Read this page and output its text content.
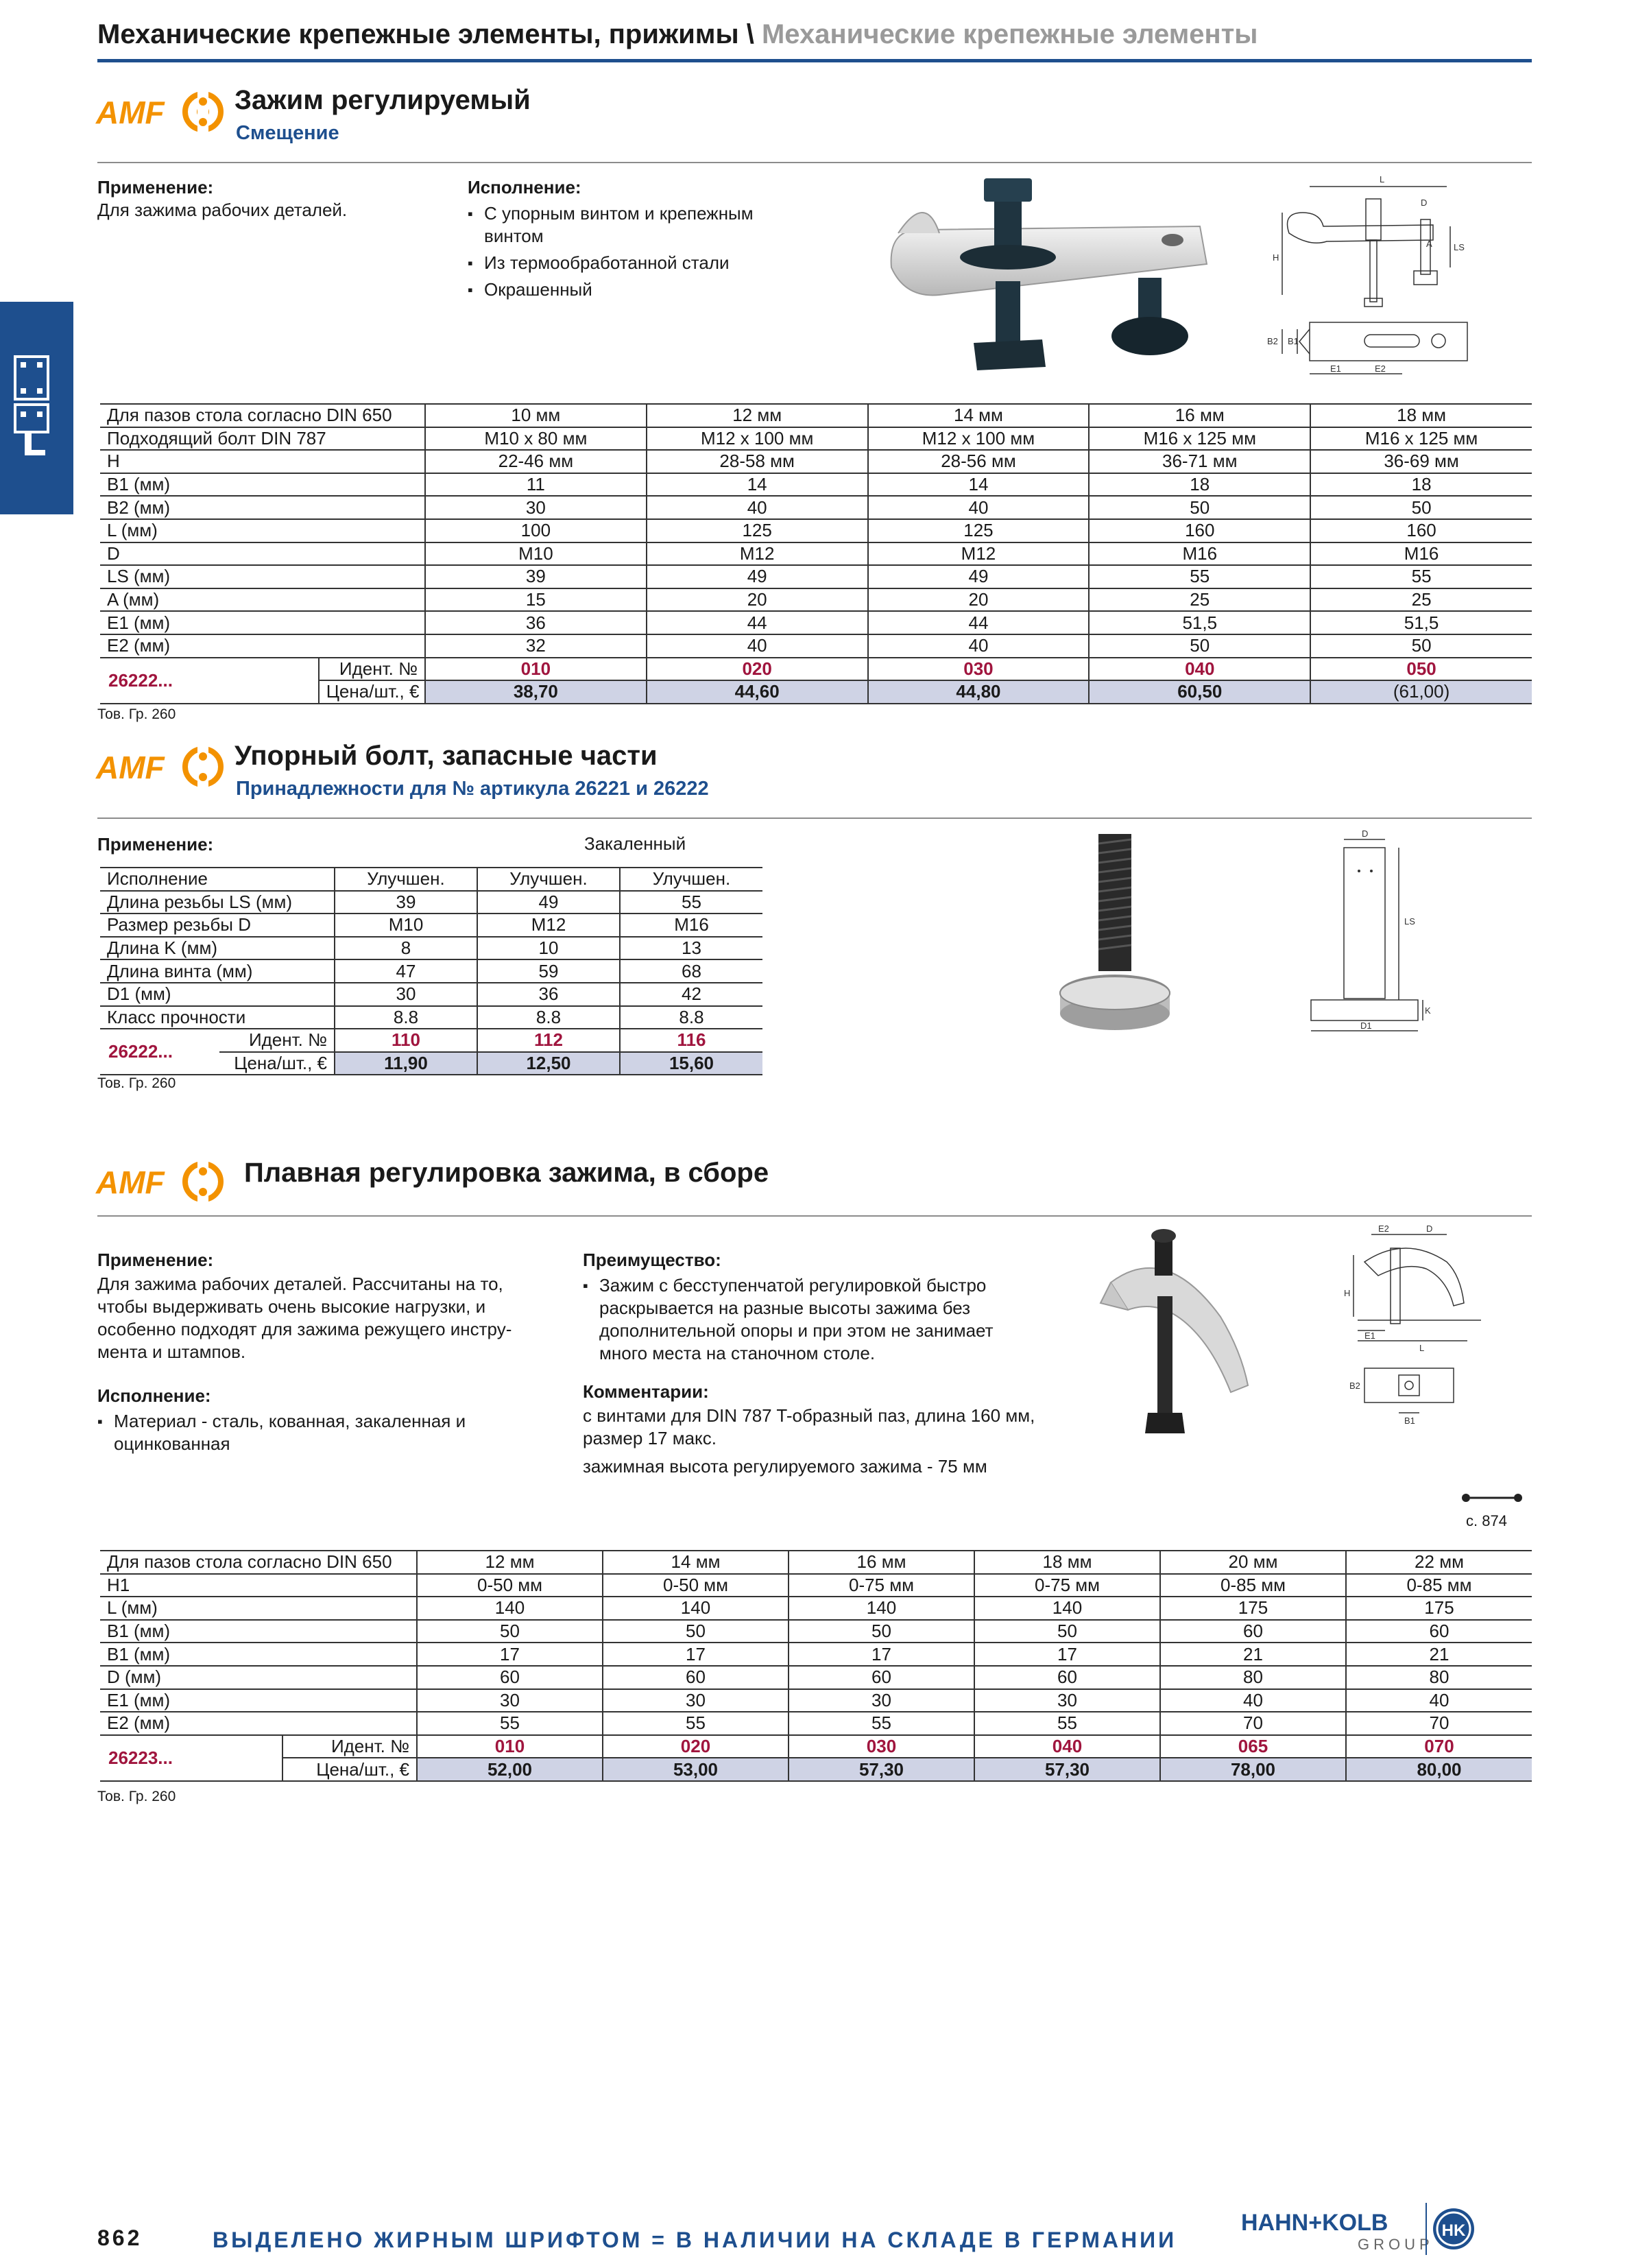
Механические крепежные элементы, прижимы \ Механические крепежные элементы
AMF	Зажим регулируемый
Смещение
Применение:
Для зажима рабочих деталей.
Исполнение:
▪ С упорным винтом и крепежным винтом
▪ Из термообработанной стали
▪ Окрашенный
L
D
H
A LS
B1
B2
E1	E2
Для пазов стола согласно DIN 650		10 мм	12 мм	14 мм	16 мм	18 мм
Подходящий болт DIN 787		M10 x 80 мм	M12 x 100 мм	M12 x 100 мм	M16 x 125 мм	M16 x 125 мм
H		22-46 мм	28-58 мм	28-56 мм	36-71 мм	36-69 мм
B1 (мм)		11	14	14	18	18
B2 (мм)		30	40	40	50	50
L (мм)		100	125	125	160	160
D		M10	M12	M12	M16	M16
LS (мм)		39	49	49	55	55
A (мм)		15	20	20	25	25
E1 (мм)		36	44	44	51,5	51,5
E2 (мм)		32	40	40	50	50
26222...	Идент. №	010	020	030	040	050
	Цена/шт., €	38,70	44,60	44,80	60,50	(61,00)
Тов. Гр. 260
AMF	Упорный болт, запасные части
Принадлежности для № артикула 26221 и 26222
Применение:	Закаленный	D
LS
K
D1
Исполнение		Улучшен.	Улучшен.	Улучшен.
Длина резьбы LS (мм)		39	49	55
Размер резьбы D		M10	M12	M16
Длина K (мм)		8	10	13
Длина винта (мм)		47	59	68
D1 (мм)		30	36	42
Класс прочности		8.8	8.8	8.8
26222...	Идент. №	110	112	116
	Цена/шт., €	11,90	12,50	15,60
Тов. Гр. 260
AMF	Плавная регулировка зажима, в сборе
Применение:
Для зажима рабочих деталей. Рассчитаны на то, чтобы выдерживать очень высокие нагрузки, и особенно подходят для зажима режущего инстру-мента и штампов.
Исполнение:
▪ Материал - сталь, кованная, закаленная и оцинкованная
Преимущество:
▪ Зажим с бесступенчатой регулировкой быстро раскрывается на разные высоты зажима без дополнительной опоры и при этом не занимает много места на станочном столе.
Комментарии:
с винтами для DIN 787 T-образный паз, длина 160 мм, размер 17 макс.
зажимная высота регулируемого зажима - 75 мм
E2	D
H
E1
L
B2
B1
с. 874
Для пазов стола согласно DIN 650		12 мм	14 мм	16 мм	18 мм	20 мм	22 мм
H1		0-50 мм	0-50 мм	0-75 мм	0-75 мм	0-85 мм	0-85 мм
L (мм)		140	140	140	140	175	175
B1 (мм)		50	50	50	50	60	60
B1 (мм)		17	17	17	17	21	21
D (мм)		60	60	60	60	80	80
E1 (мм)		30	30	30	30	40	40
E2 (мм)		55	55	55	55	70	70
26223...	Идент. №	010	020	030	040	065	070
	Цена/шт., €	52,00	53,00	57,30	57,30	78,00	80,00
Тов. Гр. 260
862	ВЫДЕЛЕНО ЖИРНЫМ ШРИФТОМ = В НАЛИЧИИ НА СКЛАДЕ В ГЕРМАНИИ
HAHN+KOLB
GROUP
HK
